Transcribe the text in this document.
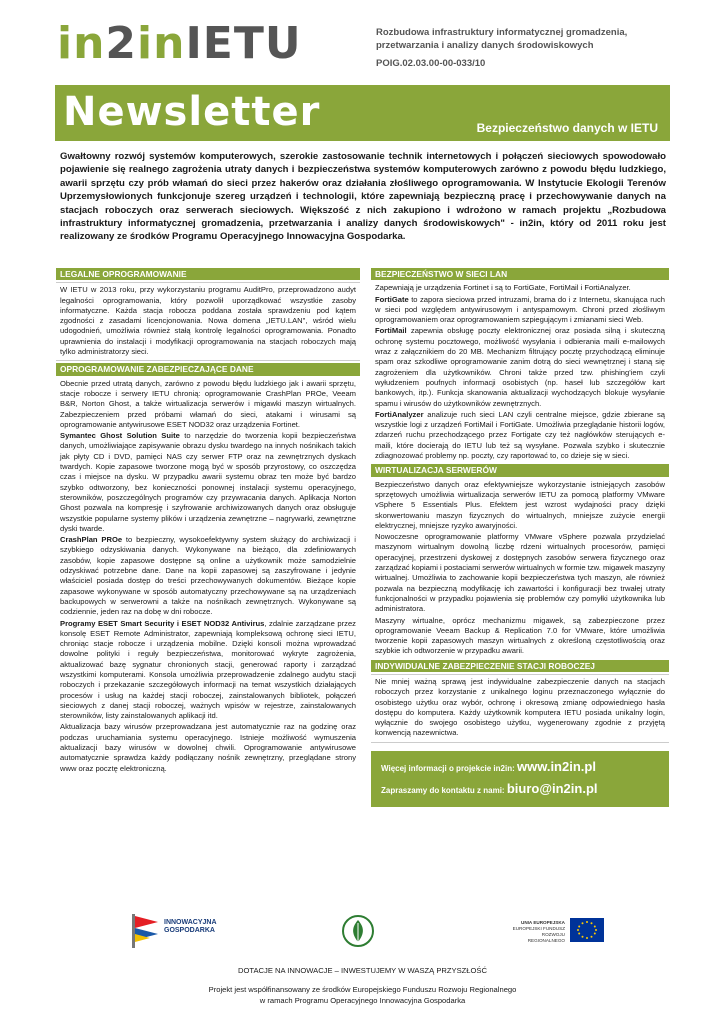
in2inIETU	Rozbudowa infrastruktury informatycznej gromadzenia,
przetwarzania i analizy danych środowiskowych
POIG.02.03.00-00-033/10
Newsletter	Bezpieczeństwo danych w IETU
Gwałtowny rozwój systemów komputerowych, szerokie zastosowanie technik internetowych i połączeń sieciowych spowodowało pojawienie się realnego zagrożenia utraty danych i bezpieczeństwa systemów komputerowych zarówno z powodu błędu ludzkiego, awarii sprzętu czy prób włamań do sieci przez hakerów oraz działania złośliwego oprogramowania. W Instytucie Ekologii Terenów Uprzemysłowionych funkcjonuje szereg urządzeń i technologii, które zapewniają bezpieczną pracę i przechowywanie danych na stacjach roboczych oraz serwerach sieciowych. Większość z nich zakupiono i wdrożono w ramach projektu „Rozbudowa infrastruktury informatycznej gromadzenia, przetwarzania i analizy danych środowiskowych" - in2in, który od 2011 roku jest realizowany ze środków Programu Operacyjnego Innowacyjna Gospodarka.
LEGALNE OPROGRAMOWANIE

W IETU w 2013 roku, przy wykorzystaniu programu AuditPro, przeprowadzono audyt legalności oprogramowania, który pozwolił uporządkować wszystkie zasoby informatyczne. Każda stacja robocza poddana została sprawdzeniu pod kątem zgodności z zasadami licencjonowania. Nowa domena „IETU.LAN", wśród wielu udogodnień, umożliwia również stałą kontrolę legalności oprogramowania. Ponadto uprawnienia do instalacji i modyfikacji oprogramowania na stacjach roboczych mają tylko administratorzy sieci.

OPROGRAMOWANIE ZABEZPIECZAJĄCE DANE

Obecnie przed utratą danych, zarówno z powodu błędu ludzkiego jak i awarii sprzętu, stacje robocze i serwery IETU chronią: oprogramowanie CrashPlan PROe, Veeam B&R, Norton Ghost, a także wirtualizacja serwerów i migawki maszyn wirtualnych. Zabezpieczeniem przed próbami włamań do sieci, atakami i wirusami są oprogramowanie antywirusowe ESET NOD32 oraz urządzenia Fortinet.

Symantec Ghost Solution Suite to narzędzie do tworzenia kopii bezpieczeństwa danych, umożliwiające zapisywanie obrazu dysku twardego na innych nośnikach takich jak płyty CD i DVD, pamięci NAS czy serwer FTP oraz na zewnętrznych dyskach twardych. Kopie zapasowe tworzone mogą być w sposób przyrostowy, co oszczędza czas i miejsce na dysku. W przypadku awarii systemu obraz ten może być bardzo szybko odtworzony, bez konieczności ponownej instalacji systemu operacyjnego, sterowników, poszczególnych programów czy przywracania danych. Aplikacja Norton Ghost pozwala na kompresję i szyfrowanie archiwizowanych danych oraz obsługuje wszystkie popularne systemy plików i urządzenia zewnętrzne – nagrywarki, zewnętrzne dyski twarde.

CrashPlan PROe to bezpieczny, wysokoefektywny system służący do archiwizacji i szybkiego odzyskiwania danych. Wykonywane na bieżąco, dla zdefiniowanych zasobów, kopie zapasowe dostępne są online a użytkownik może samodzielnie odzyskiwać potrzebne dane. Dane na kopii zapasowej są zaszyfrowane i jedynie właściciel posiada dostęp do treści przechowywanych dokumentów. Bieżące kopie zapasowe wykonywane w sposób automatyczny przechowywane są na urządzeniach backupowych w serwerowni a także na nośnikach zewnętrznych. Wykonywane są codziennie, jeden raz na dobę w dni robocze.

Programy ESET Smart Security i ESET NOD32 Antivirus, zdalnie zarządzane przez konsolę ESET Remote Administrator, zapewniają kompleksową ochronę sieci IETU, chroniąc stacje robocze i urządzenia mobilne. Dzięki konsoli można wprowadzać dowolne polityki i reguły bezpieczeństwa, monitorować wykryte zagrożenia, aktualizować bazę sygnatur chronionych stacji, generować raporty i zarządzać wszystkimi komputerami. Konsola umożliwia przeprowadzenie zdalnego audytu stacji roboczych i przekazanie szczegółowych informacji na temat wszystkich działających procesów i usług na każdej stacji roboczej, zainstalowanych bibliotek, połączeń sieciowych z danej stacji roboczej, ważnych wpisów w rejestrze, zainstalowanych sterowników, listy zainstalowanych aplikacji itd.

Aktualizacja bazy wirusów przeprowadzana jest automatycznie raz na godzinę oraz podczas uruchamiania systemu operacyjnego. Istnieje możliwość wymuszenia aktualizacji bazy wirusów w dowolnej chwili. Oprogramowanie antywirusowe automatycznie sprawdza każdy podłączany nośnik zewnętrzny, przeglądane strony www oraz pocztę elektroniczną.

BEZPIECZEŃSTWO W SIECI LAN

Zapewniają je urządzenia Fortinet i są to FortiGate, FortiMail i FortiAnalyzer.

FortiGate to zapora sieciowa przed intruzami, brama do i z Internetu, skanująca ruch w sieci pod względem antywirusowym i antyspamowym. Chroni przed złośliwym oprogramowaniem oraz oprogramowaniem szpiegującym i zmianami sieci Web.

FortiMail zapewnia obsługę poczty elektronicznej oraz posiada silną i skuteczną ochronę systemu pocztowego, możliwość wysyłania i odbierania maili e-mailowych wraz z załącznikiem do 20 MB. Mechanizm filtrujący pocztę przychodzącą eliminuje spam oraz szkodliwe oprogramowanie zanim dotrą do sieci wewnętrznej i staną się zagrożeniem dla użytkowników. Chroni także przed tzw. phishing'iem czyli wyłudzeniem poufnych informacji osobistych (np. haseł lub szczegółów kart bankowych, itp.). Funkcja skanowania aktualizacji wychodzących blokuje wysyłanie spamu i wirusów do użytkowników zewnętrznych.

FortiAnalyzer analizuje ruch sieci LAN czyli centralne miejsce, gdzie zbierane są wszystkie logi z urządzeń FortiMail i FortiGate. Umożliwia przeglądanie historii logów, zdarzeń ruchu przechodzącego przez Fortigate czy też nagłówków sterujących e-maili, które docierają do IETU lub też są wysyłane. Pozwala szybko i skutecznie zdiagnozować problemy np. poczty, czy raportować to, co dzieje się w sieci.

WIRTUALIZACJA SERWERÓW

Bezpieczeństwo danych oraz efektywniejsze wykorzystanie istniejących zasobów sprzętowych umożliwia wirtualizacja serwerów IETU za pomocą platformy VMware vSphere 5 Essentials Plus. Efektem jest wzrost wydajności pracy dzięki skonwertowaniu maszyn fizycznych do wirtualnych, mniejsze zużycie energii elektrycznej, mniejsze ryzyko awaryjności.

Nowoczesne oprogramowanie platformy VMware vSphere pozwala przydzielać maszynom wirtualnym dowolną liczbę rdzeni wirtualnych procesorów, pamięci operacyjnej, przestrzeni dyskowej z dostępnych zasobów serwera fizycznego oraz zarządzać kopiami i postaciami serwerów wirtualnych w formie tzw. migawek maszyny wirtualnej. Umożliwia to zachowanie kopii bezpieczeństwa tych maszyn, ale również pozwala na bezpieczną modyfikację ich zawartości i konfiguracji bez trwałej utraty funkcjonalności w przypadku pojawienia się problemów czy pomyłki użytkownika lub administratora.

Maszyny wirtualne, oprócz mechanizmu migawek, są zabezpieczone przez oprogramowanie Veeam Backup & Replication 7.0 for VMware, które umożliwia tworzenie kopii zapasowych maszyn wirtualnych z określoną częstotliwością oraz szybkie ich odtworzenie w przypadku awarii.

INDYWIDUALNE ZABEZPIECZENIE STACJI ROBOCZEJ

Nie mniej ważną sprawą jest indywidualne zabezpieczenie danych na stacjach roboczych przez korzystanie z unikalnego loginu przeznaczonego wyłącznie do osobistego użytku oraz wybór, ochronę i okresową zmianę odpowiedniego hasła dostępu do komputera. Każdy użytkownik komputera IETU posiada unikalny login, wyłącznie do swojego osobistego użytku, wygenerowany zgodnie z przyjętą konwencją nazewnictwa.

Więcej informacji o projekcie in2in: www.in2in.pl
Zapraszamy do kontaktu z nami: biuro@in2in.pl
INNOWACYJNA
GOSPODARKA
UNIA EUROPEJSKA
EUROPEJSKI FUNDUSZ
ROZWOJU REGIONALNEGO
DOTACJE NA INNOWACJE – INWESTUJEMY W WASZĄ PRZYSZŁOŚĆ
Projekt jest współfinansowany ze środków Europejskiego Funduszu Rozwoju Regionalnego
w ramach Programu Operacyjnego Innowacyjna Gospodarka
